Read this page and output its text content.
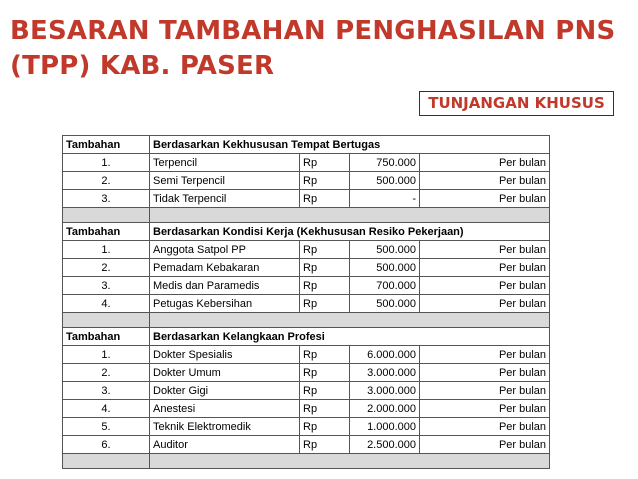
BESARAN TAMBAHAN PENGHASILAN PNS
(TPP) KAB. PASER
TUNJANGAN KHUSUS
Tambahan	Berdasarkan Kekhususan Tempat Bertugas			
1.	Terpencil	Rp	750.000	Per bulan
2.	Semi Terpencil	Rp	500.000	Per bulan
3.	Tidak Terpencil	Rp	-	Per bulan

Tambahan	Berdasarkan Kondisi Kerja (Kekhususan Resiko Pekerjaan)			
1.	Anggota Satpol PP	Rp	500.000	Per bulan
2.	Pemadam Kebakaran	Rp	500.000	Per bulan
3.	Medis dan Paramedis	Rp	700.000	Per bulan
4.	Petugas Kebersihan	Rp	500.000	Per bulan

Tambahan	Berdasarkan Kelangkaan Profesi			
1.	Dokter Spesialis	Rp	6.000.000	Per bulan
2.	Dokter Umum	Rp	3.000.000	Per bulan
3.	Dokter Gigi	Rp	3.000.000	Per bulan
4.	Anestesi	Rp	2.000.000	Per bulan
5.	Teknik Elektromedik	Rp	1.000.000	Per bulan
6.	Auditor	Rp	2.500.000	Per bulan
